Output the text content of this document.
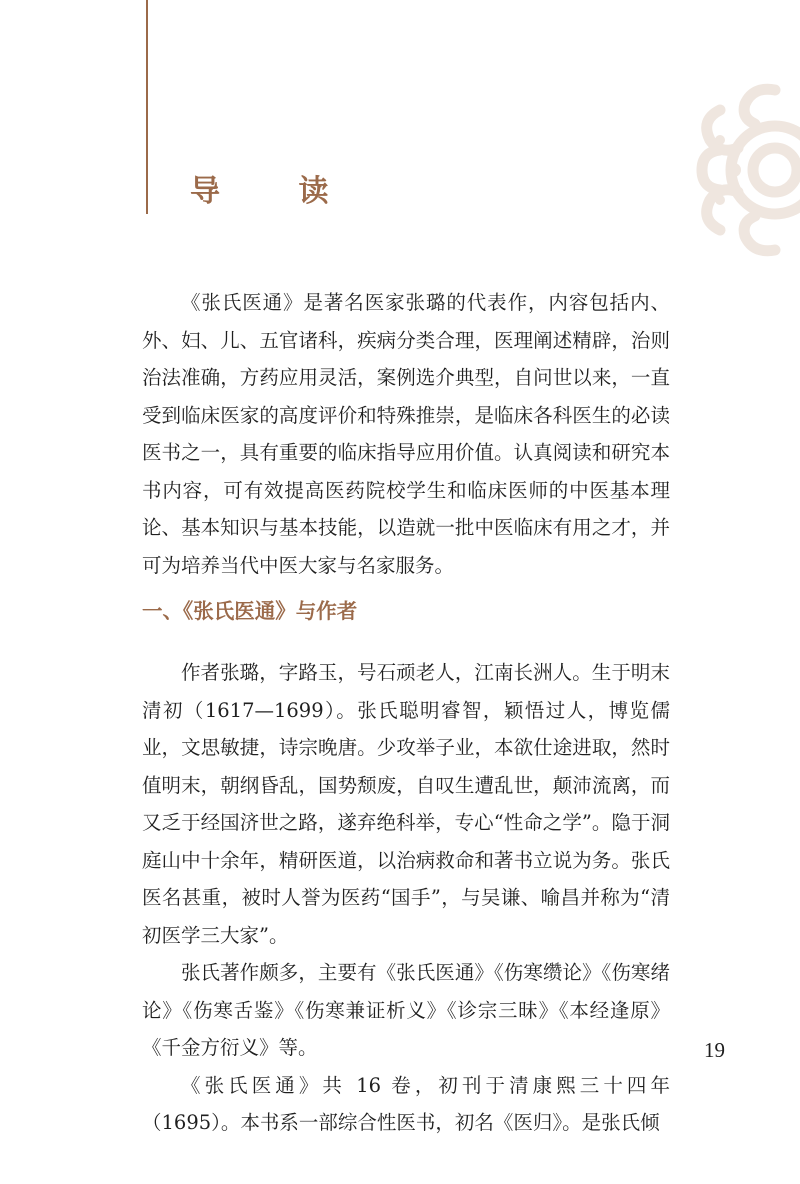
导 读

《张氏医通》是著名医家张璐的代表作，内容包括内、外、妇、儿、五官诸科，疾病分类合理，医理阐述精辟，治则治法准确，方药应用灵活，案例选介典型，自问世以来，一直受到临床医家的高度评价和特殊推崇，是临床各科医生的必读医书之一，具有重要的临床指导应用价值。认真阅读和研究本书内容，可有效提高医药院校学生和临床医师的中医基本理论、基本知识与基本技能，以造就一批中医临床有用之才，并可为培养当代中医大家与名家服务。

一、《张氏医通》与作者

作者张璐，字路玉，号石顽老人，江南长洲人。生于明末清初（1617—1699）。张氏聪明睿智，颖悟过人，博览儒业，文思敏捷，诗宗晚唐。少攻举子业，本欲仕途进取，然时值明末，朝纲昏乱，国势颓废，自叹生遭乱世，颠沛流离，而又乏于经国济世之路，遂弃绝科举，专心“性命之学”。隐于洞庭山中十余年，精研医道，以治病救命和著书立说为务。张氏医名甚重，被时人誉为医药“国手”，与吴谦、喻昌并称为“清初医学三大家”。

张氏著作颇多，主要有《张氏医通》《伤寒缵论》《伤寒绪论》《伤寒舌鉴》《伤寒兼证析义》《诊宗三昧》《本经逢原》《千金方衍义》等。

《张氏医通》共 16 卷，初刊于清康熙三十四年（1695）。本书系一部综合性医书，初名《医归》。是张氏倾

19
